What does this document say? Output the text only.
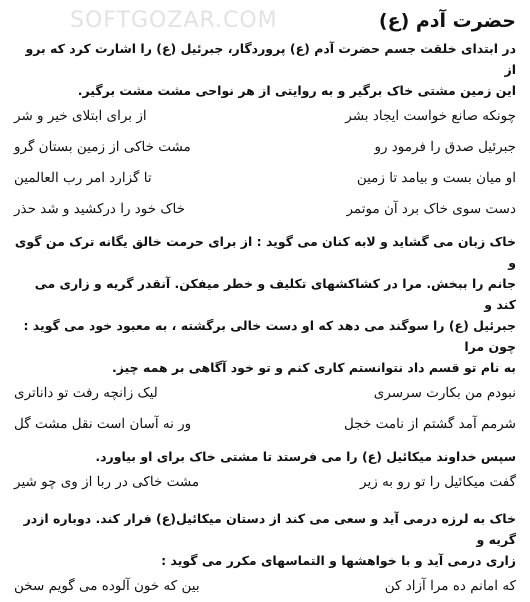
SOFTGOZAR.COM	حضرت آدم (ع)

در ابتدای خلقت جسم حضرت آدم (ع) پروردگار، جبرئیل (ع) را اشارت کرد که برو از

این زمین مشتی خاک برگیر و به روایتی از هر نواحی مشت مشت برگیر.

چونکه صانع خواست ایجاد بشر
از برای ابتلای خیر و شر
جبرئیل صدق را فرمود رو
مشت خاکی از زمین بستان گرو
او میان بست و بیامد تا زمین
تا گزارد امر رب العالمین
دست سوی خاک برد آن موتمر
خاک خود را درکشید و شد حذر

خاک زبان می گشاید و لابه کنان می گوید : از برای حرمت خالق یگانه ترک من گوی و

جانم را ببخش. مرا در کشاکشهای تکلیف و خطر میفکن. آنقدر گریه و زاری می کند و

جبرئیل (ع) را سوگند می دهد که او دست خالی برگشته ، به معبود خود می گوید : چون مرا

به نام تو قسم داد نتوانستم کاری کنم و تو خود آگاهی بر همه چیز.

نبودم من بکارت سرسری
لیک زانچه رفت تو داناتری
شرمم آمد گشتم از نامت خجل
ور نه آسان است نقل مشت گل

سپس خداوند میکائیل (ع) را می فرستد تا مشتی خاک برای او بیاورد.

گفت میکائیل را تو رو به زیر
مشت خاکی در ربا از وی چو شیر

خاک به لرزه درمی آید و سعی می کند از دستان میکائیل(ع) فرار کند. دوباره ازدر گریه و

زاری درمی آید و با خواهشها و التماسهای مکرر می گوید :

که امانم ده مرا آزاد کن
بین که خون آلوده می گویم سخن
